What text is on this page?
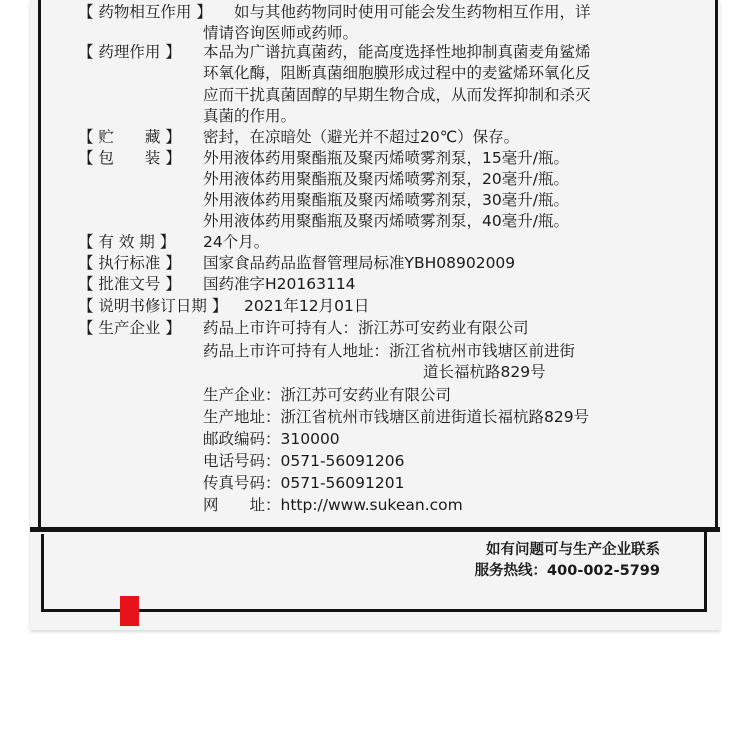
【 药物相互作用 】 如与其他药物同时使用可能会发生药物相互作用，详
情请咨询医师或药师。
【 药理作用 】 本品为广谱抗真菌药，能高度选择性地抑制真菌麦角鲨烯
环氧化酶，阻断真菌细胞膜形成过程中的麦鲨烯环氧化反
应而干扰真菌固醇的早期生物合成，从而发挥抑制和杀灭
真菌的作用。
【 贮　　藏 】 密封，在凉暗处（避光并不超过20℃）保存。
【 包　　装 】 外用液体药用聚酯瓶及聚丙烯喷雾剂泵，15毫升/瓶。
外用液体药用聚酯瓶及聚丙烯喷雾剂泵，20毫升/瓶。
外用液体药用聚酯瓶及聚丙烯喷雾剂泵，30毫升/瓶。
外用液体药用聚酯瓶及聚丙烯喷雾剂泵，40毫升/瓶。
【 有 效 期 】 24个月。
【 执行标准 】 国家食品药品监督管理局标准YBH08902009
【 批准文号 】 国药准字H20163114
【 说明书修订日期 】 2021年12月01日
【 生产企业 】 药品上市许可持有人：浙江苏可安药业有限公司
药品上市许可持有人地址：浙江省杭州市钱塘区前进街
道长福杭路829号
生产企业：浙江苏可安药业有限公司
生产地址：浙江省杭州市钱塘区前进街道长福杭路829号
邮政编码：310000
电话号码：0571-56091206
传真号码：0571-56091201
网　　址：http://www.sukean.com
如有问题可与生产企业联系
服务热线：400-002-5799
